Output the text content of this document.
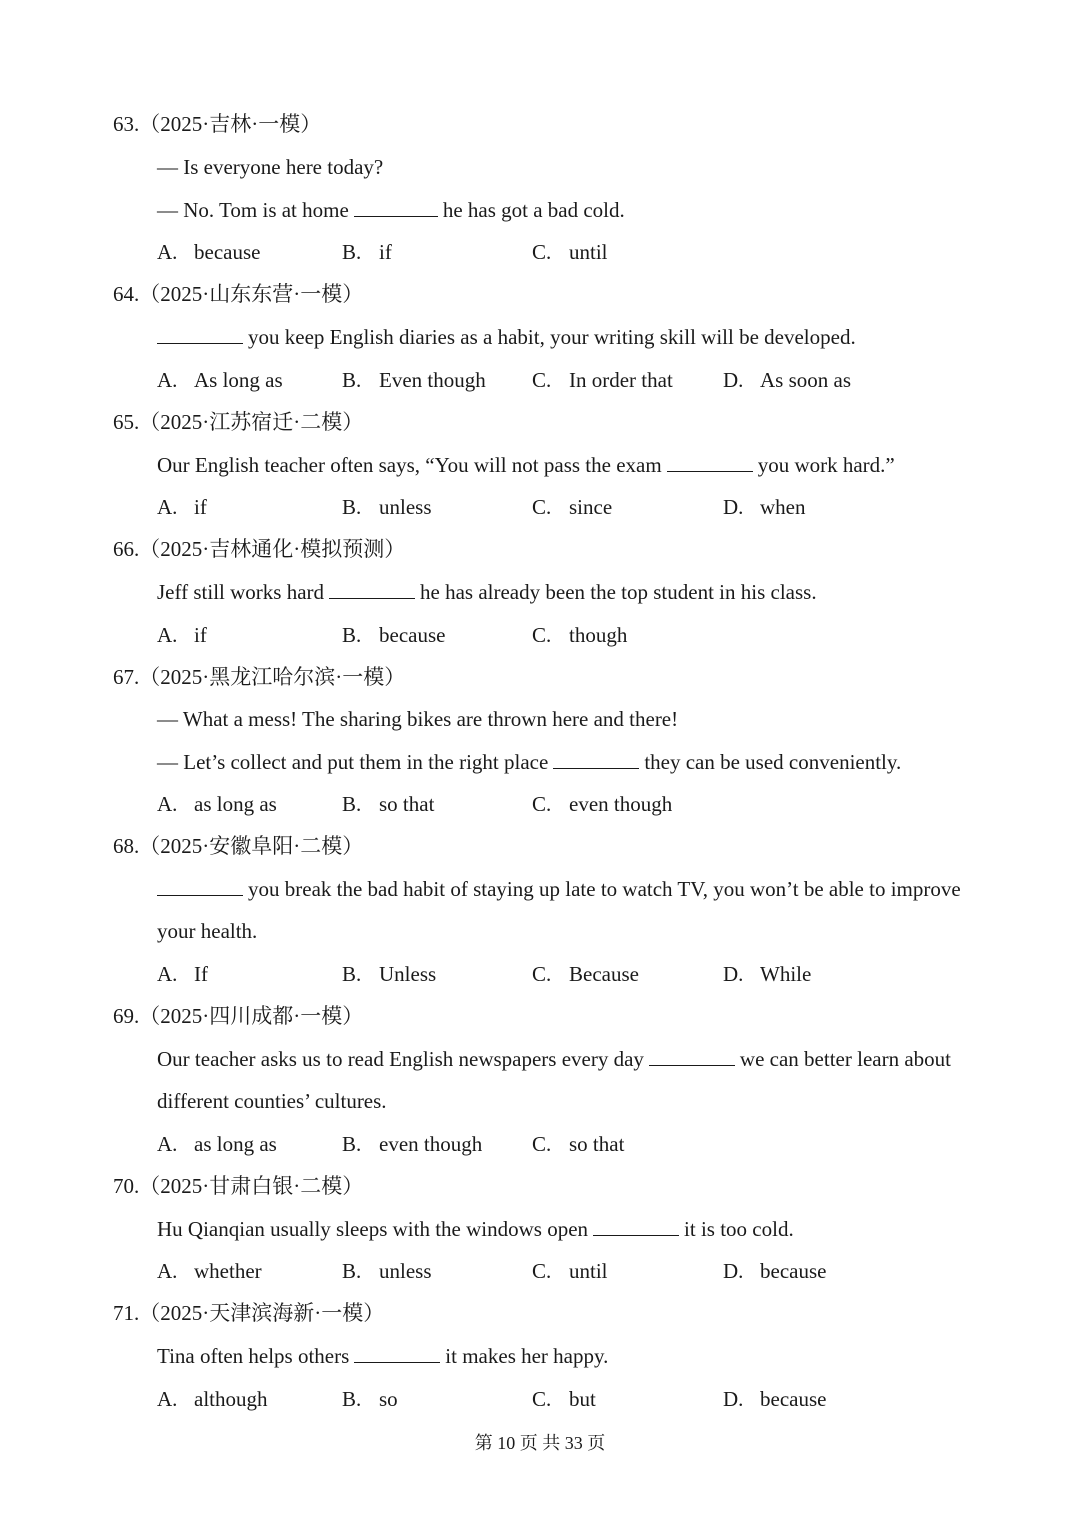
63.（2025·吉林·一模）
— Is everyone here today?
— No. Tom is at home	he has got a bad cold.
A. because	B. if	C. until
64.（2025·山东东营·一模）
you keep English diaries as a habit, your writing skill will be developed.
A. As long as	B. Even though C. In order that D. As soon as
65.（2025·江苏宿迁·二模）
Our English teacher often says, “You will not pass the exam	you work hard.”
A. if	B. unless	C. since	D. when
66.（2025·吉林通化·模拟预测）
Jeff still works hard	he has already been the top student in his class.
A. if	B. because	C. though
67.（2025·黑龙江哈尔滨·一模）
— What a mess! The sharing bikes are thrown here and there!
— Let’s collect and put them in the right place	they can be used conveniently.
A. as long as	B. so that	C. even though
68.（2025·安徽阜阳·二模）
you break the bad habit of staying up late to watch TV, you won’t be able to improve
your health.
A. If	B. Unless	C. Because	D. While
69.（2025·四川成都·一模）
Our teacher asks us to read English newspapers every day	we can better learn about
different counties’ cultures.
A. as long as	B. even though C. so that
70.（2025·甘肃白银·二模）
Hu Qianqian usually sleeps with the windows open	it is too cold.
A. whether	B. unless	C. until	D. because
71.（2025·天津滨海新·一模）
Tina often helps others	it makes her happy.
A. although	B. so	C. but	D. because
第 10 页 共 33 页
